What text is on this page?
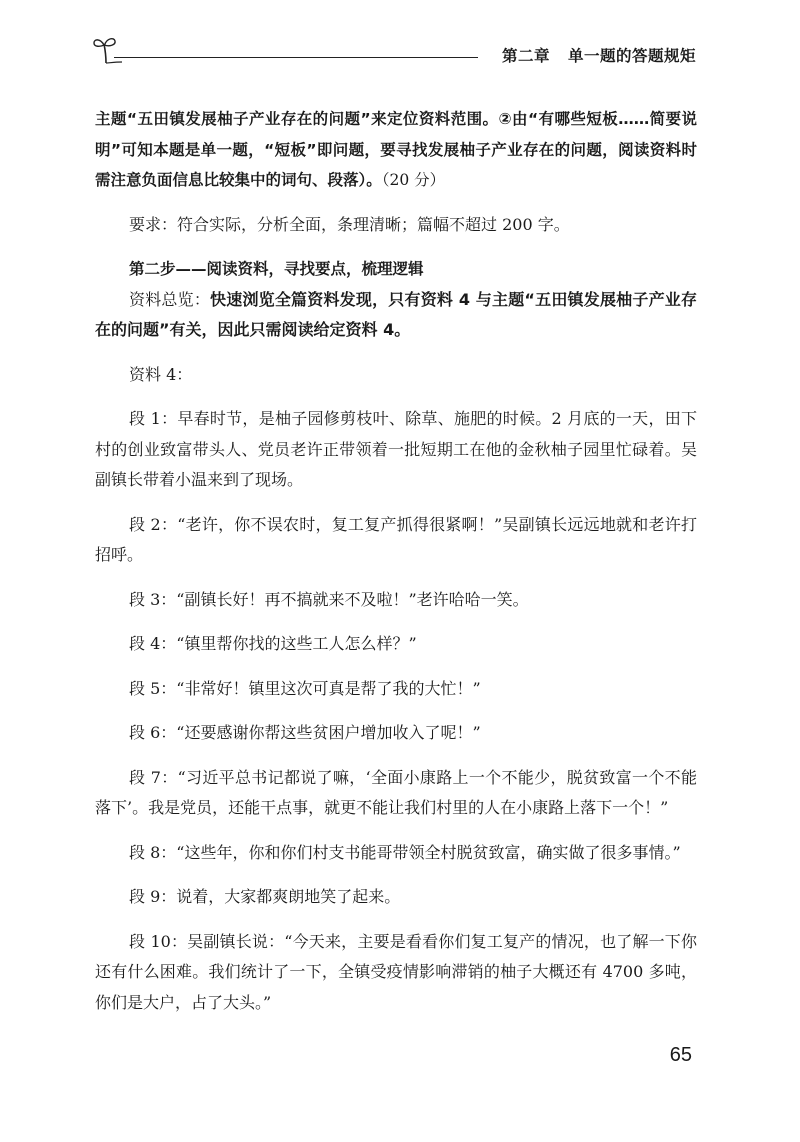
第二章 单一题的答题规矩

主题“五田镇发展柚子产业存在的问题”来定位资料范围。②由“有哪些短板……简要说明”可知本题是单一题，“短板”即问题，要寻找发展柚子产业存在的问题，阅读资料时需注意负面信息比较集中的词句、段落）。（20 分）

要求：符合实际，分析全面，条理清晰；篇幅不超过 200 字。

第二步——阅读资料，寻找要点，梳理逻辑

资料总览：快速浏览全篇资料发现，只有资料 4 与主题“五田镇发展柚子产业存在的问题”有关，因此只需阅读给定资料 4。

资料 4：

段 1：早春时节，是柚子园修剪枝叶、除草、施肥的时候。2 月底的一天，田下村的创业致富带头人、党员老许正带领着一批短期工在他的金秋柚子园里忙碌着。吴副镇长带着小温来到了现场。

段 2：“老许，你不误农时，复工复产抓得很紧啊！”吴副镇长远远地就和老许打招呼。

段 3：“副镇长好！再不搞就来不及啦！”老许哈哈一笑。

段 4：“镇里帮你找的这些工人怎么样？”

段 5：“非常好！镇里这次可真是帮了我的大忙！”

段 6：“还要感谢你帮这些贫困户增加收入了呢！”

段 7：“习近平总书记都说了嘛，‘全面小康路上一个不能少，脱贫致富一个不能落下’。我是党员，还能干点事，就更不能让我们村里的人在小康路上落下一个！”

段 8：“这些年，你和你们村支书能哥带领全村脱贫致富，确实做了很多事情。”

段 9：说着，大家都爽朗地笑了起来。

段 10：吴副镇长说：“今天来，主要是看看你们复工复产的情况，也了解一下你还有什么困难。我们统计了一下，全镇受疫情影响滞销的柚子大概还有 4700 多吨，你们是大户，占了大头。”

65
